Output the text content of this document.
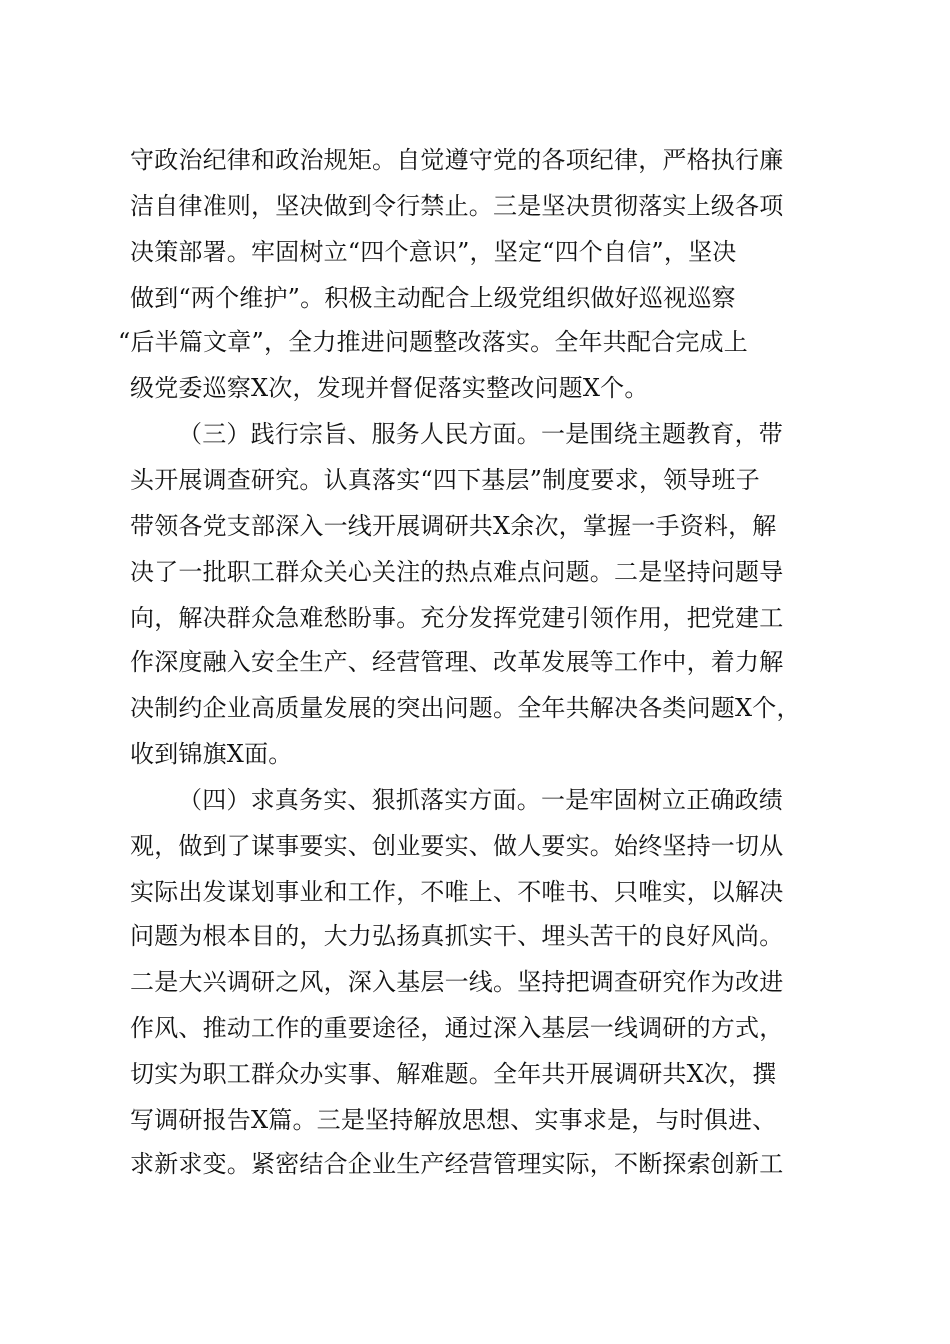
守政治纪律和政治规矩。自觉遵守党的各项纪律，严格执行廉
洁自律准则，坚决做到令行禁止。三是坚决贯彻落实上级各项
决策部署。牢固树立“四个意识”，坚定“四个自信”，坚决
做到“两个维护”。积极主动配合上级党组织做好巡视巡察
“后半篇文章”，全力推进问题整改落实。全年共配合完成上
级党委巡察X次，发现并督促落实整改问题X个。
（三）践行宗旨、服务人民方面。一是围绕主题教育，带
头开展调查研究。认真落实“四下基层”制度要求，领导班子
带领各党支部深入一线开展调研共X余次，掌握一手资料，解
决了一批职工群众关心关注的热点难点问题。二是坚持问题导
向，解决群众急难愁盼事。充分发挥党建引领作用，把党建工
作深度融入安全生产、经营管理、改革发展等工作中，着力解
决制约企业高质量发展的突出问题。全年共解决各类问题X个，
收到锦旗X面。
（四）求真务实、狠抓落实方面。一是牢固树立正确政绩
观，做到了谋事要实、创业要实、做人要实。始终坚持一切从
实际出发谋划事业和工作，不唯上、不唯书、只唯实，以解决
问题为根本目的，大力弘扬真抓实干、埋头苦干的良好风尚。
二是大兴调研之风，深入基层一线。坚持把调查研究作为改进
作风、推动工作的重要途径，通过深入基层一线调研的方式，
切实为职工群众办实事、解难题。全年共开展调研共X次，撰
写调研报告X篇。三是坚持解放思想、实事求是，与时俱进、
求新求变。紧密结合企业生产经营管理实际，不断探索创新工
